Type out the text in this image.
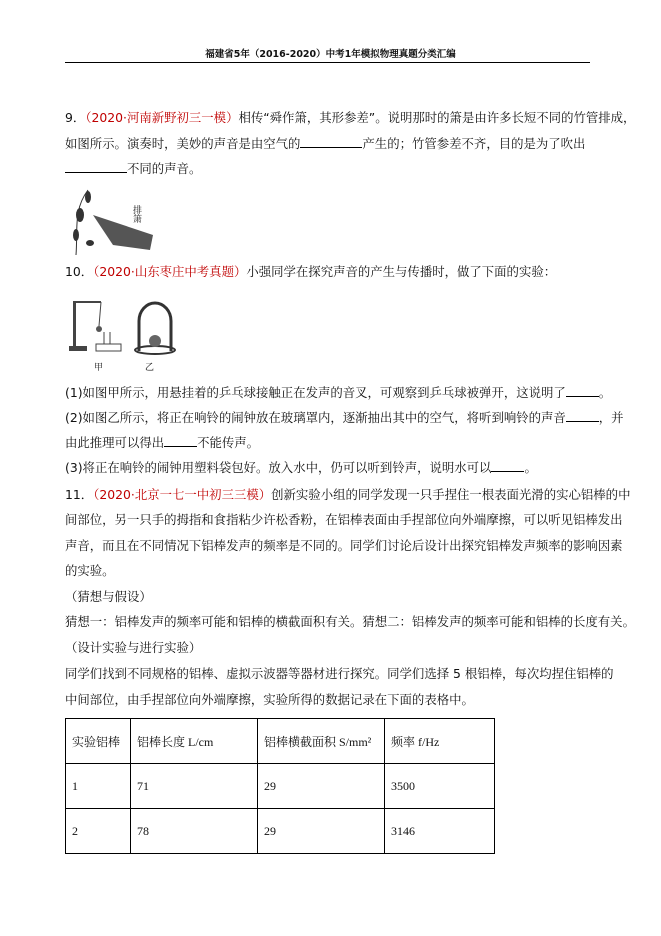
福建省5年（2016-2020）中考1年模拟物理真题分类汇编
9．（2020·河南新野初三一模）相传“舜作箫，其形参差”。说明那时的箫是由许多长短不同的竹管排成，
如图所示。演奏时，美妙的声音是由空气的	产生的；竹管参差不齐，目的是为了吹出
不同的声音。
排箫
10．（2020·山东枣庄中考真题）小强同学在探究声音的产生与传播时，做了下面的实验：
甲	乙
(1)如图甲所示，用悬挂着的乒乓球接触正在发声的音叉，可观察到乒乓球被弹开，这说明了	。
(2)如图乙所示，将正在响铃的闹钟放在玻璃罩内，逐渐抽出其中的空气，将听到响铃的声音	，并
由此推理可以得出	不能传声。
(3)将正在响铃的闹钟用塑料袋包好。放入水中，仍可以听到铃声，说明水可以	。
11．（2020·北京一七一中初三三模）创新实验小组的同学发现一只手捏住一根表面光滑的实心铝棒的中
间部位，另一只手的拇指和食指粘少许松香粉，在铝棒表面由手捏部位向外端摩擦，可以听见铝棒发出
声音，而且在不同情况下铝棒发声的频率是不同的。同学们讨论后设计出探究铝棒发声频率的影响因素
的实验。
（猜想与假设）
猜想一：铝棒发声的频率可能和铝棒的横截面积有关。猜想二：铝棒发声的频率可能和铝棒的长度有关。
（设计实验与进行实验）
同学们找到不同规格的铝棒、虚拟示波器等器材进行探究。同学们选择 5 根铝棒，每次均捏住铝棒的
中间部位，由手捏部位向外端摩擦，实验所得的数据记录在下面的表格中。
实验铝棒	铝棒长度 L/cm	铝棒横截面积 S/mm²	频率 f/Hz
1	71	29	3500
2	78	29	3146
